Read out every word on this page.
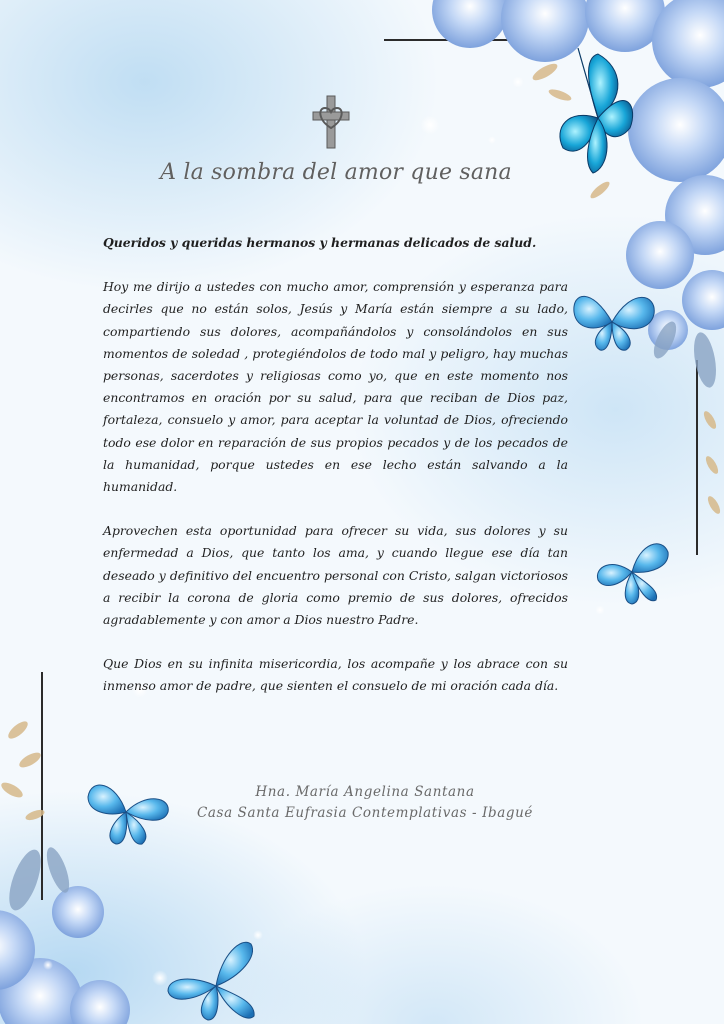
A la sombra del amor que sana

Queridos y queridas hermanos y hermanas delicados de salud.

Hoy me dirijo a ustedes con mucho amor, comprensión y esperanza para decirles que no están solos, Jesús y María están siempre a su lado, compartiendo sus dolores, acompañándolos y consolándolos en sus momentos de soledad , protegiéndolos de todo mal y peligro, hay muchas personas, sacerdotes y religiosas como yo, que en este momento nos encontramos en oración por su salud, para que reciban de Dios paz, fortaleza, consuelo y amor, para aceptar la voluntad de Dios, ofreciendo todo ese dolor en reparación de sus propios pecados y de los pecados de la humanidad, porque ustedes en ese lecho están salvando a la humanidad.

Aprovechen esta oportunidad para ofrecer su vida, sus dolores y su enfermedad a Dios, que tanto los ama, y cuando llegue ese día tan deseado y definitivo del encuentro personal con Cristo, salgan victoriosos a recibir la corona de gloria como premio de sus dolores, ofrecidos agradablemente y con amor a Dios nuestro Padre.

Que Dios en su infinita misericordia, los acompañe y los abrace con su inmenso amor de padre, que sienten el consuelo de mi oración cada día.

Hna. María Angelina Santana
Casa Santa Eufrasia Contemplativas - Ibagué
